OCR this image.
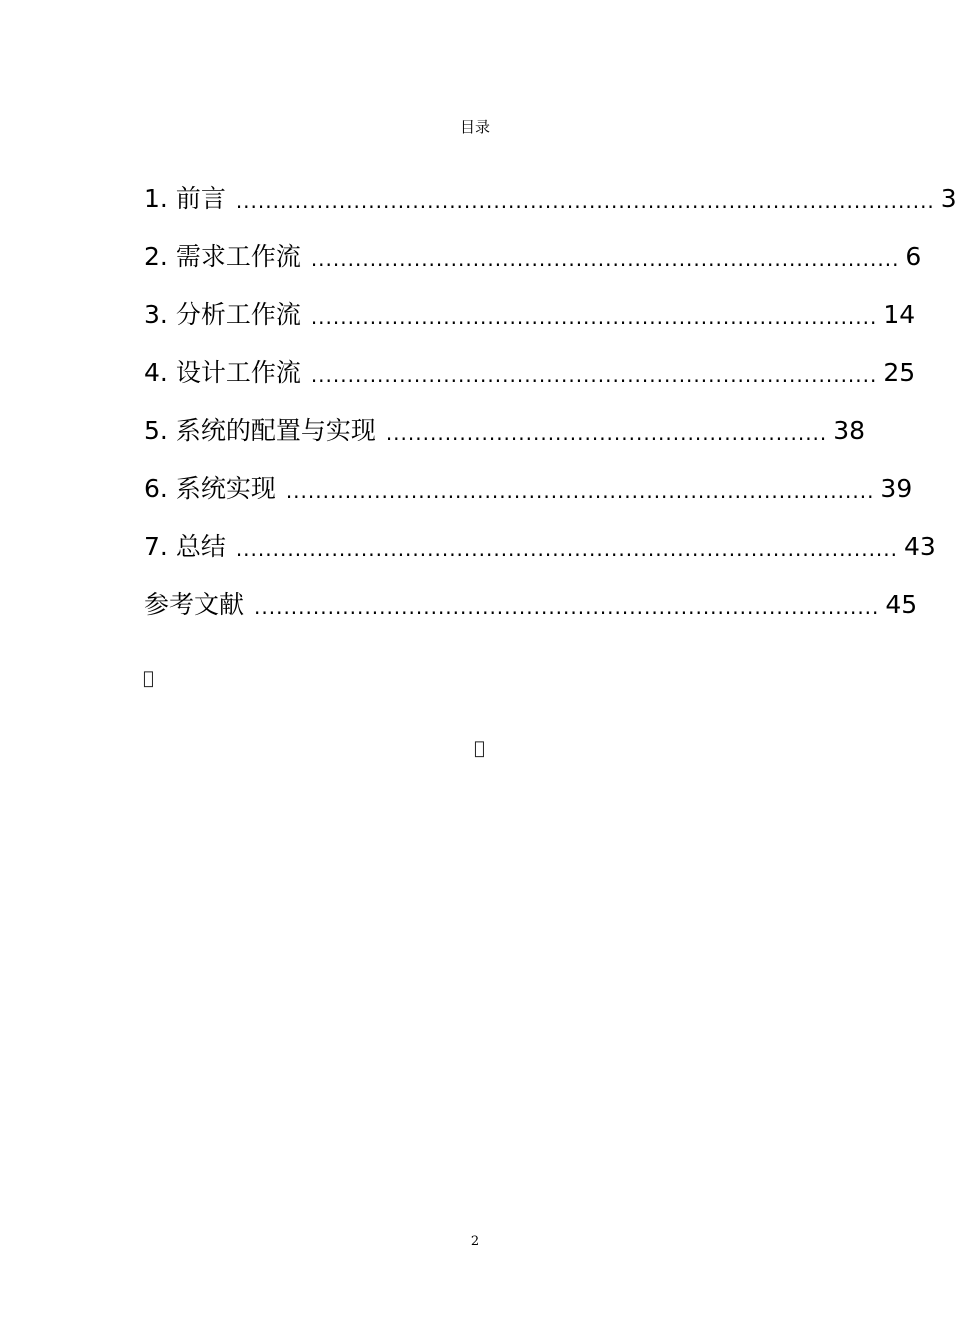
目录
1.
前言 ............................................................................................... 3
2.
需求工作流 ................................................................................ 6
3.
分析工作流 ............................................................................. 14
4.
设计工作流 ............................................................................. 25
5.
系统的配置与实现 ............................................................ 38
6.
系统实现 ................................................................................ 39
7.
总结 .......................................................................................... 43
参考文献 ..................................................................................... 45
2
